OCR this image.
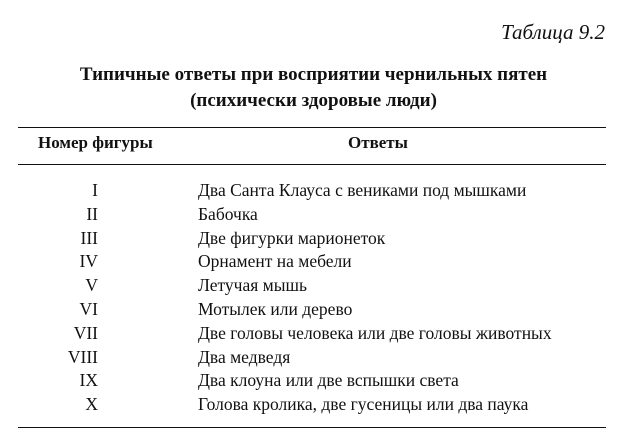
Таблица 9.2
Типичные ответы при восприятии чернильных пятен
(психически здоровые люди)
Номер фигуры	Ответы
I	Два Санта Клауса с вениками под мышками
II	Бабочка
III	Две фигурки марионеток
IV	Орнамент на мебели
V	Летучая мышь
VI	Мотылек или дерево
VII	Две головы человека или две головы животных
VIII	Два медведя
IX	Два клоуна или две вспышки света
X	Голова кролика, две гусеницы или два паука
